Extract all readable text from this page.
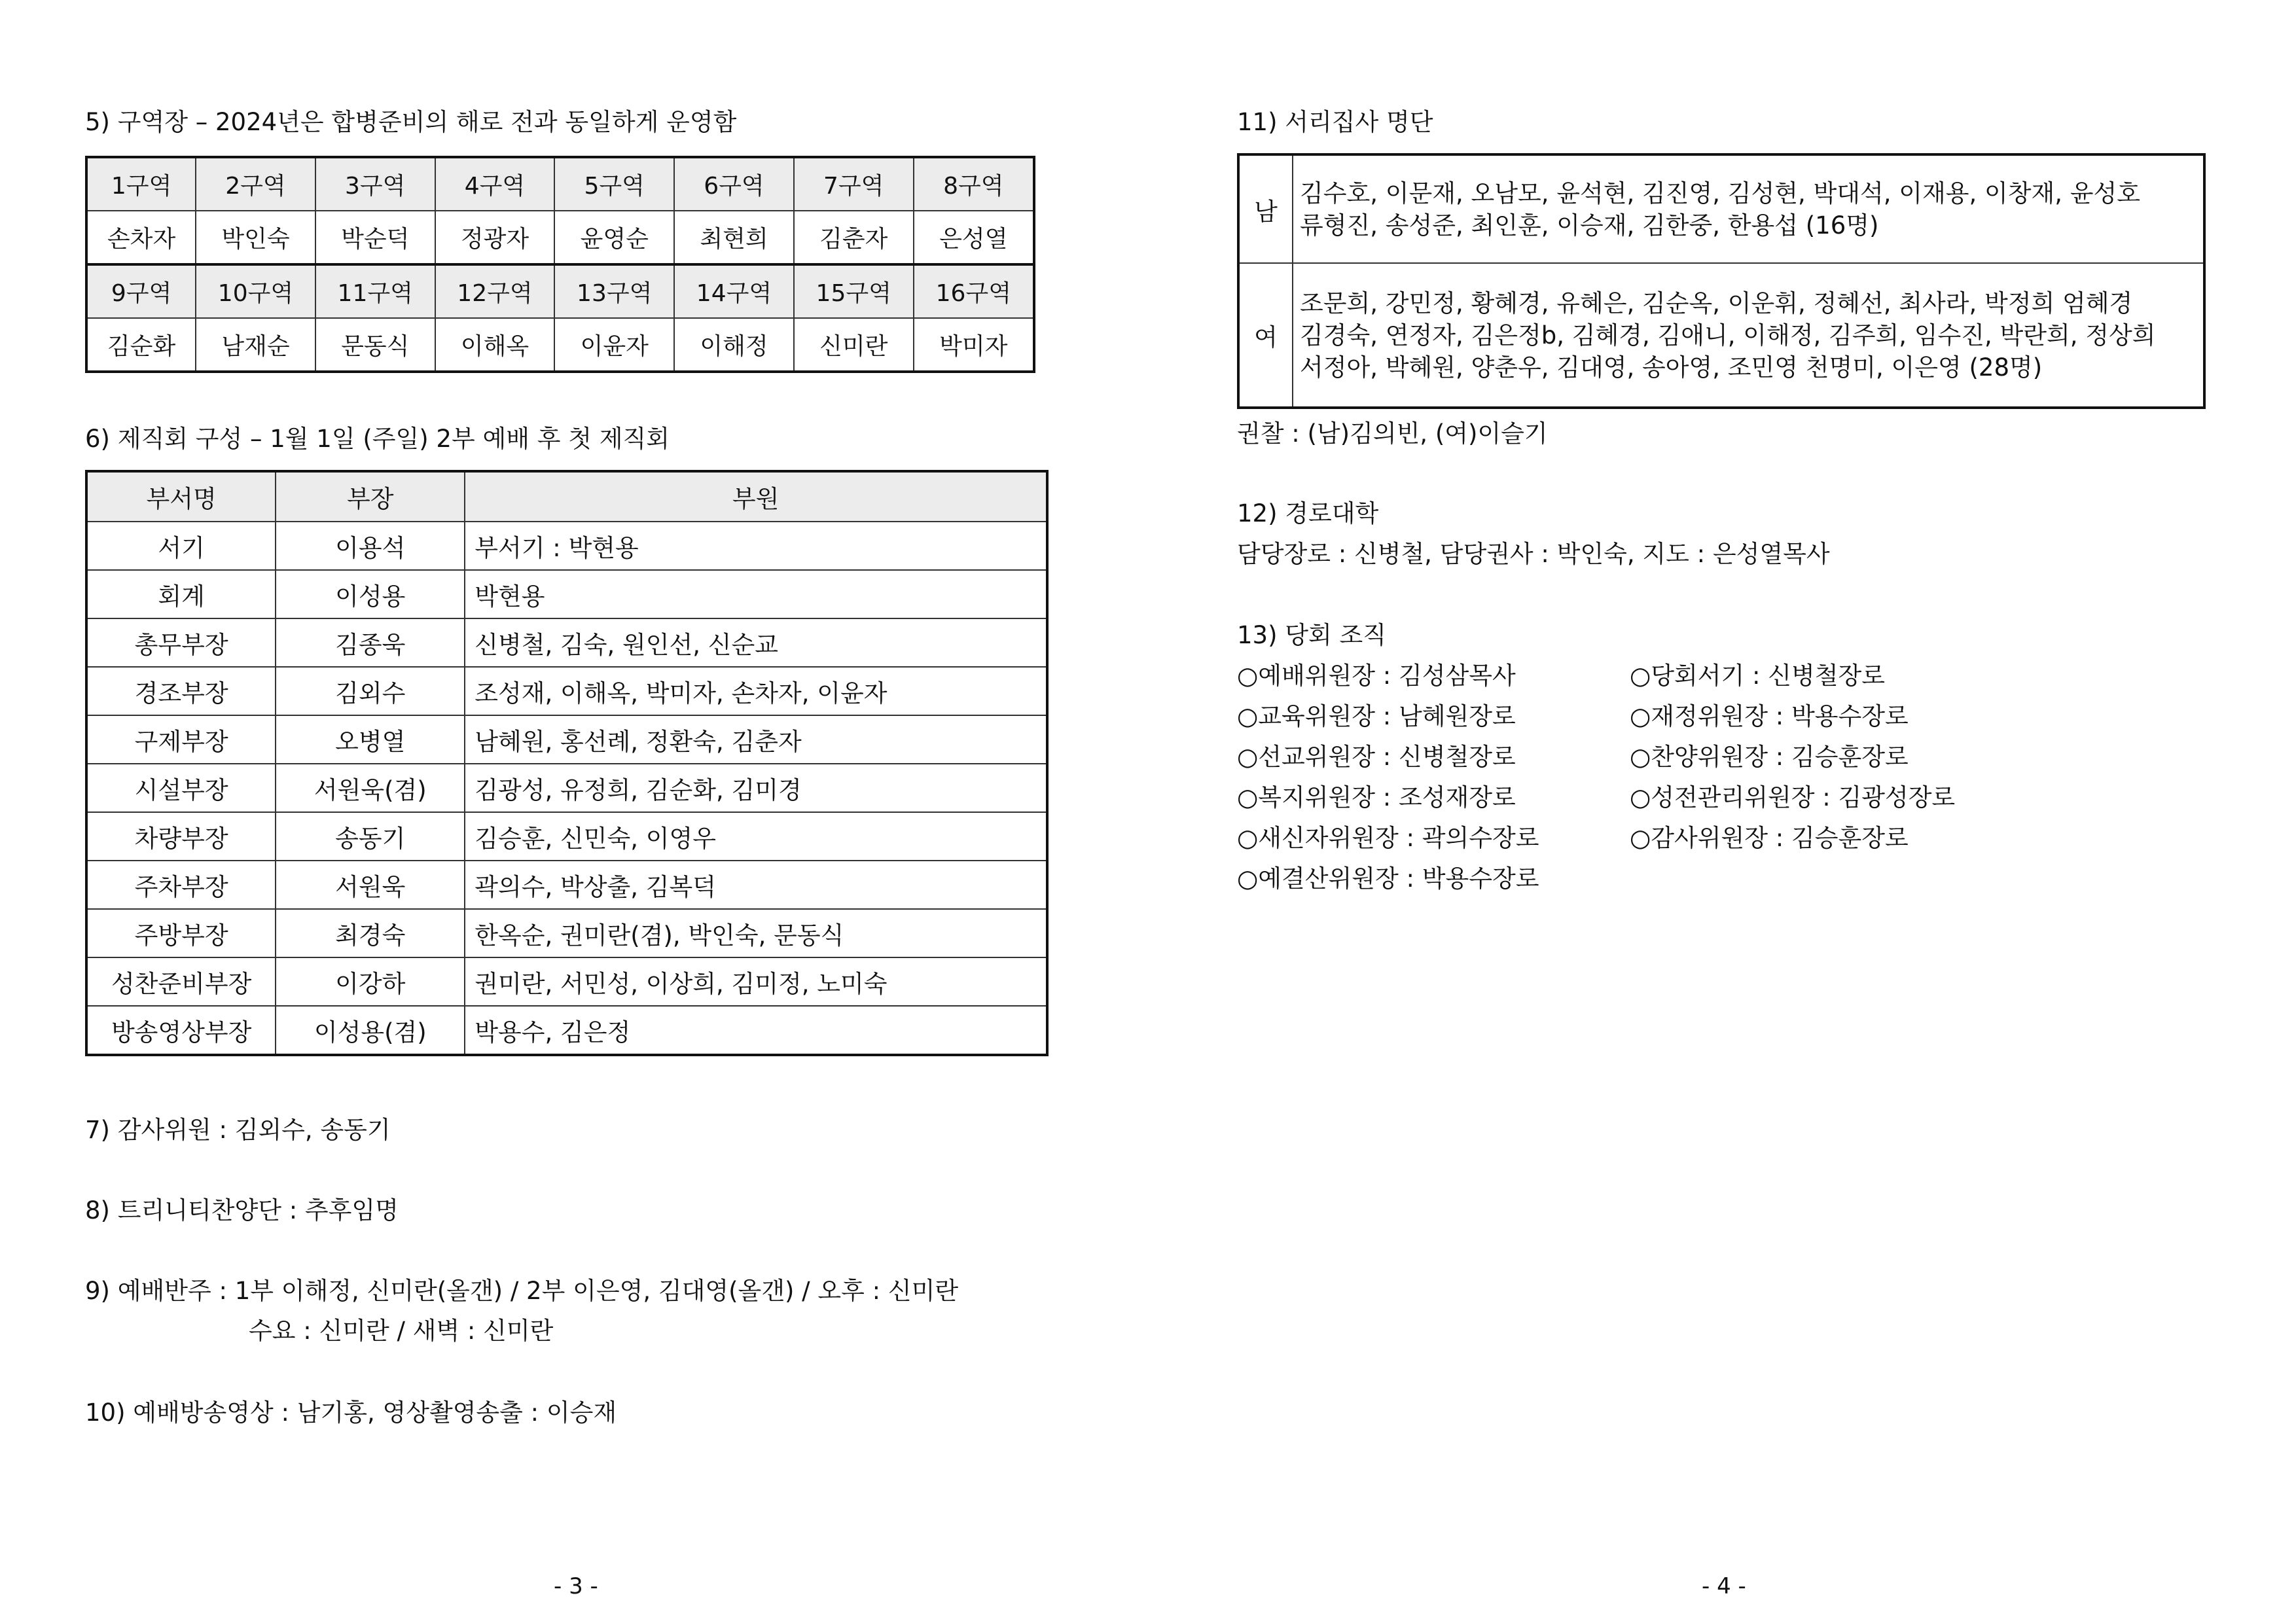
5) 구역장 – 2024년은 합병준비의 해로 전과 동일하게 운영함
1구역	2구역	3구역	4구역	5구역	6구역	7구역	8구역
손차자	박인숙	박순덕	정광자	윤영순	최현희	김춘자	은성열
9구역	10구역	11구역	12구역	13구역	14구역	15구역	16구역
김순화	남재순	문동식	이해옥	이윤자	이해정	신미란	박미자
6) 제직회 구성 – 1월 1일 (주일) 2부 예배 후 첫 제직회
부서명	부장	부원
서기	이용석	부서기 : 박현용
회계	이성용	박현용
총무부장	김종욱	신병철, 김숙, 원인선, 신순교
경조부장	김외수	조성재, 이해옥, 박미자, 손차자, 이윤자
구제부장	오병열	남혜원, 홍선례, 정환숙, 김춘자
시설부장	서원욱(겸)	김광성, 유정희, 김순화, 김미경
차량부장	송동기	김승훈, 신민숙, 이영우
주차부장	서원욱	곽의수, 박상출, 김복덕
주방부장	최경숙	한옥순, 권미란(겸), 박인숙, 문동식
성찬준비부장	이강하	권미란, 서민성, 이상희, 김미정, 노미숙
방송영상부장	이성용(겸)	박용수, 김은정
7) 감사위원 : 김외수, 송동기
8) 트리니티찬양단 : 추후임명
9) 예배반주 : 1부 이해정, 신미란(올갠) / 2부 이은영, 김대영(올갠) / 오후 : 신미란
수요 : 신미란 / 새벽 : 신미란
10) 예배방송영상 : 남기홍, 영상촬영송출 : 이승재
- 3 -
11) 서리집사 명단
남	김수호, 이문재, 오남모, 윤석현, 김진영, 김성현, 박대석, 이재용, 이창재, 윤성호
류형진, 송성준, 최인훈, 이승재, 김한중, 한용섭 (16명)

여	조문희, 강민정, 황혜경, 유혜은, 김순옥, 이운휘, 정혜선, 최사라, 박정희 엄혜경
김경숙, 연정자, 김은정b, 김혜경, 김애니, 이해정, 김주희, 임수진, 박란희, 정상희
서정아, 박혜원, 양춘우, 김대영, 송아영, 조민영 천명미, 이은영 (28명)
권찰 : (남)김의빈, (여)이슬기
12) 경로대학
담당장로 : 신병철, 담당권사 : 박인숙, 지도 : 은성열목사
13) 당회 조직
○예배위원장 : 김성삼목사
○교육위원장 : 남혜원장로
○선교위원장 : 신병철장로
○복지위원장 : 조성재장로
○새신자위원장 : 곽의수장로
○예결산위원장 : 박용수장로
○당회서기 : 신병철장로
○재정위원장 : 박용수장로
○찬양위원장 : 김승훈장로
○성전관리위원장 : 김광성장로
○감사위원장 : 김승훈장로
- 4 -
